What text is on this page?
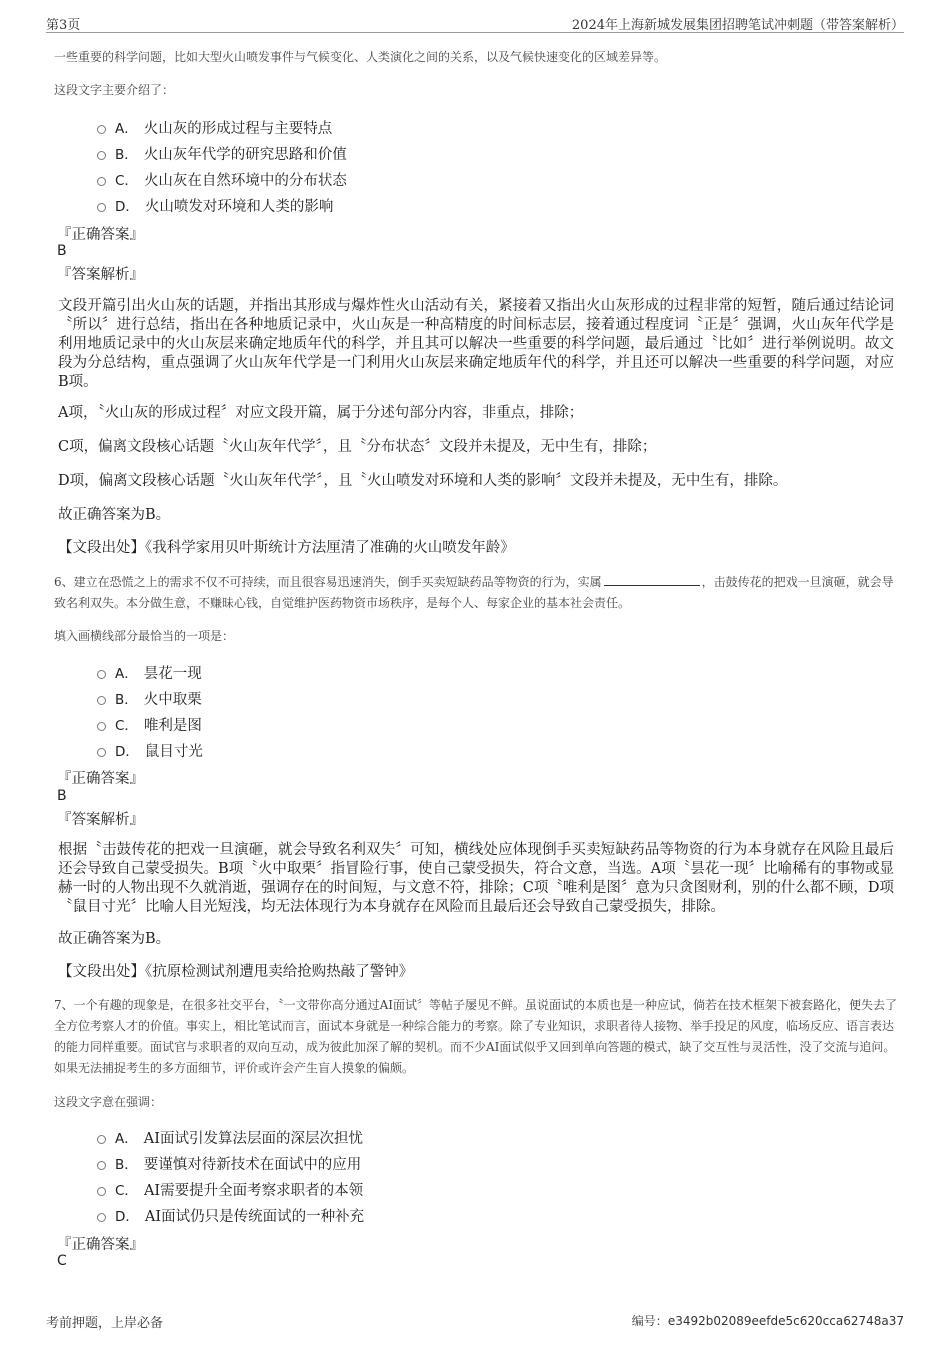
第3页	2024年上海新城发展集团招聘笔试冲刺题（带答案解析）
一些重要的科学问题，比如大型火山喷发事件与气候变化、人类演化之间的关系，以及气候快速变化的区域差异等。
这段文字主要介绍了：
A． 火山灰的形成过程与主要特点
B． 火山灰年代学的研究思路和价值
C． 火山灰在自然环境中的分布状态
D． 火山喷发对环境和人类的影响
『正确答案』
B
『答案解析』
文段开篇引出火山灰的话题，并指出其形成与爆炸性火山活动有关，紧接着又指出火山灰形成的过程非常的短暂，随后通过结论词〝所以〞进行总结，指出在各种地质记录中，火山灰是一种高精度的时间标志层，接着通过程度词〝正是〞强调，火山灰年代学是利用地质记录中的火山灰层来确定地质年代的科学，并且其可以解决一些重要的科学问题，最后通过〝比如〞进行举例说明。故文段为分总结构，重点强调了火山灰年代学是一门利用火山灰层来确定地质年代的科学，并且还可以解决一些重要的科学问题，对应B项。
A项，〝火山灰的形成过程〞对应文段开篇，属于分述句部分内容，非重点，排除；
C项，偏离文段核心话题〝火山灰年代学〞，且〝分布状态〞文段并未提及，无中生有，排除；
D项，偏离文段核心话题〝火山灰年代学〞，且〝火山喷发对环境和人类的影响〞文段并未提及，无中生有，排除。
故正确答案为B。
【文段出处】《我科学家用贝叶斯统计方法厘清了准确的火山喷发年龄》
6、建立在恐慌之上的需求不仅不可持续，而且很容易迅速消失，倒手买卖短缺药品等物资的行为，实属	，击鼓传花的把戏一旦演砸，就会导致名利双失。本分做生意，不赚昧心钱，自觉维护医药物资市场秩序，是每个人、每家企业的基本社会责任。
填入画横线部分最恰当的一项是：
A． 昙花一现
B． 火中取栗
C． 唯利是图
D． 鼠目寸光
『正确答案』
B
『答案解析』
根据〝击鼓传花的把戏一旦演砸，就会导致名利双失〞可知，横线处应体现倒手买卖短缺药品等物资的行为本身就存在风险且最后还会导致自己蒙受损失。B项〝火中取栗〞指冒险行事，使自己蒙受损失，符合文意，当选。A项〝昙花一现〞比喻稀有的事物或显赫一时的人物出现不久就消逝，强调存在的时间短，与文意不符，排除；C项〝唯利是图〞意为只贪图财利，别的什么都不顾，D项〝鼠目寸光〞比喻人目光短浅，均无法体现行为本身就存在风险而且最后还会导致自己蒙受损失，排除。
故正确答案为B。
【文段出处】《抗原检测试剂遭甩卖给抢购热敲了警钟》
7、一个有趣的现象是，在很多社交平台，〝一文带你高分通过AI面试〞等帖子屡见不鲜。虽说面试的本质也是一种应试，倘若在技术框架下被套路化，便失去了全方位考察人才的价值。事实上，相比笔试而言，面试本身就是一种综合能力的考察。除了专业知识，求职者待人接物、举手投足的风度，临场反应、语言表达的能力同样重要。面试官与求职者的双向互动，成为彼此加深了解的契机。而不少AI面试似乎又回到单向答题的模式，缺了交互性与灵活性，没了交流与追问。如果无法捕捉考生的多方面细节，评价或许会产生盲人摸象的偏颇。
这段文字意在强调：
A． AI面试引发算法层面的深层次担忧
B． 要谨慎对待新技术在面试中的应用
C． AI需要提升全面考察求职者的本领
D． AI面试仍只是传统面试的一种补充
『正确答案』
C
考前押题，上岸必备	编号：e3492b02089eefde5c620cca62748a37
